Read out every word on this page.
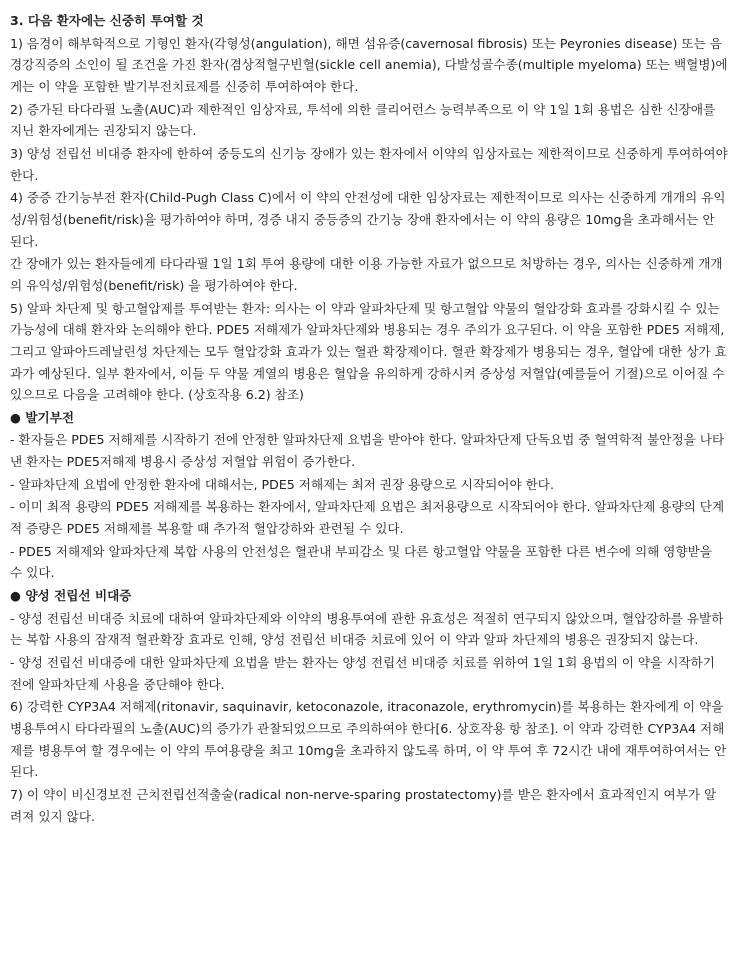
3. 다음 환자에는 신중히 투여할 것
1) 음경이 해부학적으로 기형인 환자(각형성(angulation), 해면 섬유증(cavernosal fibrosis) 또는 Peyronies disease) 또는 음경강직증의 소인이 될 조건을 가진 환자(겸상적혈구빈혈(sickle cell anemia), 다발성골수종(multiple myeloma) 또는 백혈병)에게는 이 약을 포함한 발기부전치료제를 신중히 투여하여야 한다.
2) 증가된 타다라필 노출(AUC)과 제한적인 임상자료, 투석에 의한 클리어런스 능력부족으로 이 약 1일 1회 용법은 심한 신장애를 지닌 환자에게는 권장되지 않는다.
3) 양성 전립선 비대증 환자에 한하여 중등도의 신기능 장애가 있는 환자에서 이약의 임상자료는 제한적이므로 신중하게 투여하여야 한다.
4) 중증 간기능부전 환자(Child-Pugh Class C)에서 이 약의 안전성에 대한 임상자료는 제한적이므로 의사는 신중하게 개개의 유익성/위험성(benefit/risk)을 평가하여야 하며, 경증 내지 중등증의 간기능 장애 환자에서는 이 약의 용량은 10mg을 초과해서는 안 된다.
간 장애가 있는 환자들에게 타다라필 1일 1회 투여 용량에 대한 이용 가능한 자료가 없으므로 처방하는 경우, 의사는 신중하게 개개의 유익성/위험성(benefit/risk) 을 평가하여야 한다.
5) 알파 차단제 및 항고혈압제를 투여받는 환자: 의사는 이 약과 알파차단제 및 항고혈압 약물의 혈압강화 효과를 강화시킬 수 있는 가능성에 대해 환자와 논의해야 한다. PDE5 저해제가 알파차단제와 병용되는 경우 주의가 요구된다. 이 약을 포함한 PDE5 저해제, 그리고 알파아드레날린성 차단제는 모두 혈압강화 효과가 있는 혈관 확장제이다. 혈관 확장제가 병용되는 경우, 혈압에 대한 상가 효과가 예상된다. 일부 환자에서, 이들 두 약물 계열의 병용은 혈압을 유의하게 강하시켜 증상성 저혈압(예를들어 기절)으로 이어질 수 있으므로 다음을 고려해야 한다. (상호작용 6.2) 참조)
● 발기부전
- 환자들은 PDE5 저해제를 시작하기 전에 안정한 알파차단제 요법을 받아야 한다. 알파차단제 단독요법 중 혈역학적 불안정을 나타낸 환자는 PDE5저해제 병용시 증상성 저혈압 위험이 증가한다.
- 알파차단제 요법에 안정한 환자에 대해서는, PDE5 저해제는 최저 권장 용량으로 시작되어야 한다.
- 이미 최적 용량의 PDE5 저해제를 복용하는 환자에서, 알파차단제 요법은 최저용량으로 시작되어야 한다. 알파차단제 용량의 단계적 증량은 PDE5 저해제를 복용할 때 추가적 혈압강하와 관련될 수 있다.
- PDE5 저해제와 알파차단제 복합 사용의 안전성은 혈관내 부피감소 및 다른 항고혈압 약물을 포함한 다른 변수에 의해 영향받을 수 있다.
● 양성 전립선 비대증
- 양성 전립선 비대증 치료에 대하여 알파차단제와 이약의 병용투여에 관한 유효성은 적절히 연구되지 않았으며, 혈압강하를 유발하는 복합 사용의 잠재적 혈관확장 효과로 인해, 양성 전립선 비대증 치료에 있어 이 약과 알파 차단제의 병용은 권장되지 않는다.
- 양성 전립선 비대증에 대한 알파차단제 요법을 받는 환자는 양성 전립선 비대증 치료를 위하여 1일 1회 용법의 이 약을 시작하기 전에 알파차단제 사용을 중단해야 한다.
6) 강력한 CYP3A4 저해제(ritonavir, saquinavir, ketoconazole, itraconazole, erythromycin)를 복용하는 환자에게 이 약을 병용투여시 타다라필의 노출(AUC)의 증가가 관찰되었으므로 주의하여야 한다[6. 상호작용 항 참조]. 이 약과 강력한 CYP3A4 저해제를 병용투여 할 경우에는 이 약의 투여용량을 최고 10mg을 초과하지 않도록 하며, 이 약 투여 후 72시간 내에 재투여하여서는 안 된다.
7) 이 약이 비신경보전 근치전립선적출술(radical non-nerve-sparing prostatectomy)를 받은 환자에서 효과적인지 여부가 알려져 있지 않다.
